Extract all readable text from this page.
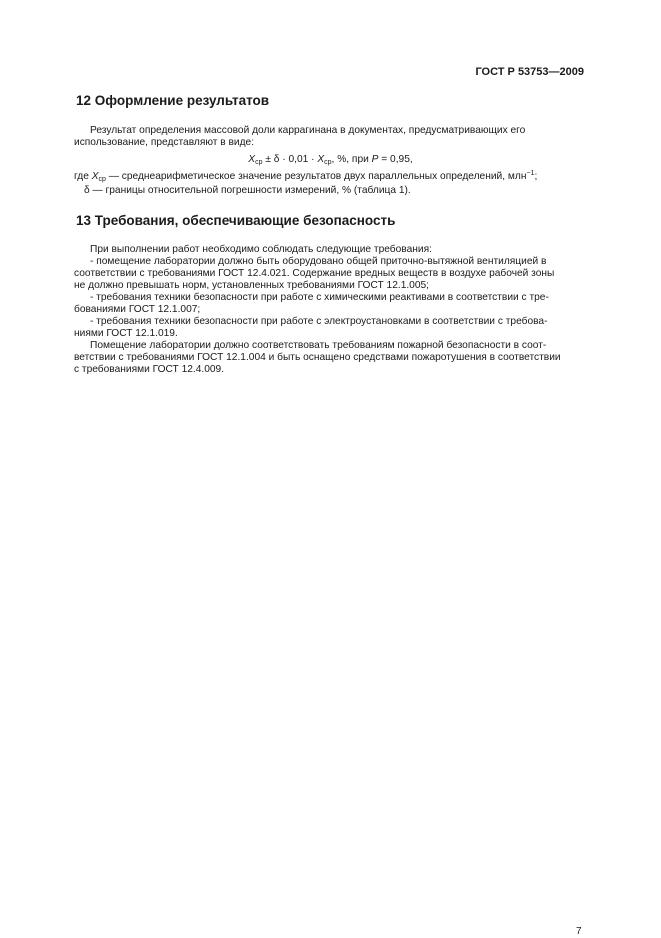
ГОСТ Р 53753—2009
12 Оформление результатов
Результат определения массовой доли каррагинана в документах, предусматривающих его
использование, представляют в виде:
$X_{ср} \pm \delta \cdot 0,01 \cdot X_{ср}$, %, при P = 0,95,
где $X_{ср}$ — среднеарифметическое значение результатов двух параллельных определений, млн$^{-1}$;
δ — границы относительной погрешности измерений, % (таблица 1).
13 Требования, обеспечивающие безопасность
При выполнении работ необходимо соблюдать следующие требования:
- помещение лаборатории должно быть оборудовано общей приточно-вытяжной вентиляцией в
соответствии с требованиями ГОСТ 12.4.021. Содержание вредных веществ в воздухе рабочей зоны
не должно превышать норм, установленных требованиями ГОСТ 12.1.005;
- требования техники безопасности при работе с химическими реактивами в соответствии с тре-
бованиями ГОСТ 12.1.007;
- требования техники безопасности при работе с электроустановками в соответствии с требова-
ниями ГОСТ 12.1.019.
Помещение лаборатории должно соответствовать требованиям пожарной безопасности в соот-
ветствии с требованиями ГОСТ 12.1.004 и быть оснащено средствами пожаротушения в соответствии
с требованиями ГОСТ 12.4.009.
7
